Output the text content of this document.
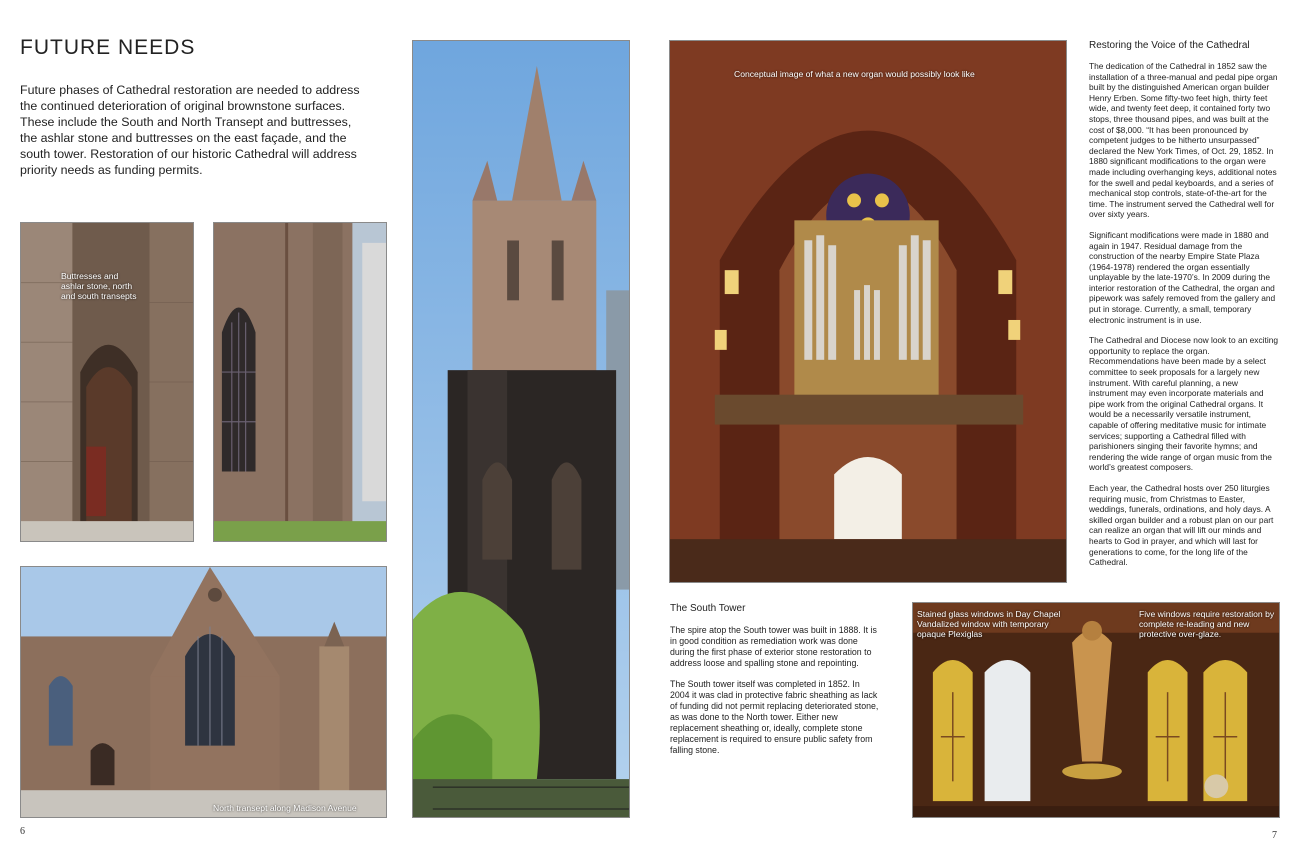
FUTURE NEEDS
Future phases of Cathedral restoration are needed to address the continued deterioration of original brownstone surfaces. These include the South and North Transept and buttresses, the ashlar stone and buttresses on the east façade, and the south tower. Restoration of our historic Cathedral will address priority needs as funding permits.
Buttresses and ashlar stone, north and south transepts
North transept along Madison Avenue
6
Conceptual image of what a new organ would possibly look like
Restoring the Voice of the Cathedral

The dedication of the Cathedral in 1852 saw the installation of a three-manual and pedal pipe organ built by the distinguished American organ builder Henry Erben. Some fifty-two feet high, thirty feet wide, and twenty feet deep, it contained forty two stops, three thousand pipes, and was built at the cost of $8,000. “It has been pronounced by competent judges to be hitherto unsurpassed” declared the New York Times, of Oct. 29, 1852. In 1880 significant modifications to the organ were made including overhanging keys, additional notes for the swell and pedal keyboards, and a series of mechanical stop controls, state-of-the-art for the time. The instrument served the Cathedral well for over sixty years.

Significant modifications were made in 1880 and again in 1947. Residual damage from the construction of the nearby Empire State Plaza (1964-1978) rendered the organ essentially unplayable by the late-1970’s. In 2009 during the interior restoration of the Cathedral, the organ and pipework was safely removed from the gallery and put in storage. Currently, a small, temporary electronic instrument is in use.

The Cathedral and Diocese now look to an exciting opportunity to replace the organ. Recommendations have been made by a select committee to seek proposals for a largely new instrument. With careful planning, a new instrument may even incorporate materials and pipe work from the original Cathedral organs. It would be a necessarily versatile instrument, capable of offering meditative music for intimate services; supporting a Cathedral filled with parishioners singing their favorite hymns; and rendering the wide range of organ music from the world’s greatest composers.

Each year, the Cathedral hosts over 250 liturgies requiring music, from Christmas to Easter, weddings, funerals, ordinations, and holy days. A skilled organ builder and a robust plan on our part can realize an organ that will lift our minds and hearts to God in prayer, and which will last for generations to come, for the long life of the Cathedral.

The South Tower

The spire atop the South tower was built in 1888. It is in good condition as remediation work was done during the first phase of exterior stone restoration to address loose and spalling stone and repointing.

The South tower itself was completed in 1852. In 2004 it was clad in protective fabric sheathing as lack of funding did not permit replacing deteriorated stone, as was done to the North tower. Either new replacement sheathing or, ideally, complete stone replacement is required to ensure public safety from falling stone.

Stained glass windows in Day Chapel Vandalized window with temporary opaque Plexiglas
Five windows require restoration by complete re-leading and new protective over-glaze.
7
